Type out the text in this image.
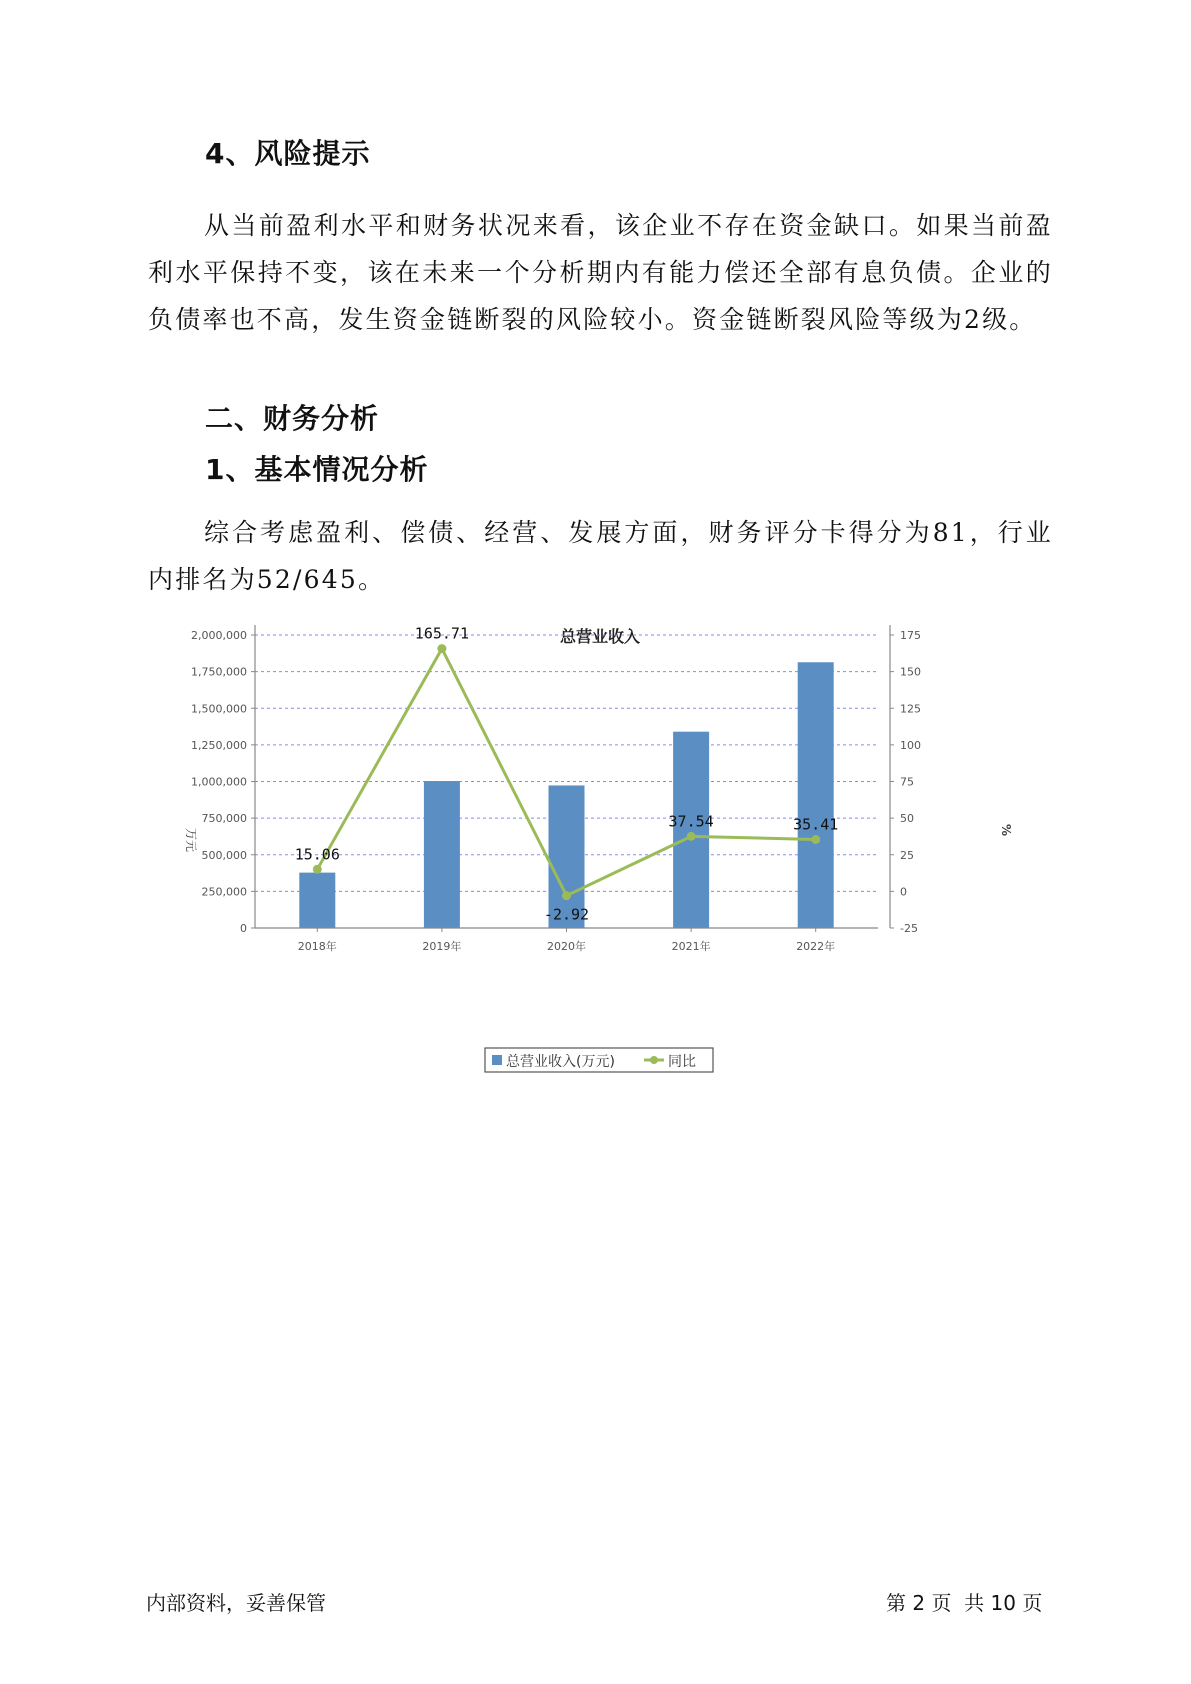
4、风险提示

从当前盈利水平和财务状况来看，该企业不存在资金缺口。如果当前盈利水平保持不变，该在未来一个分析期内有能力偿还全部有息负债。企业的负债率也不高，发生资金链断裂的风险较小。资金链断裂风险等级为2级。

二、财务分析
1、基本情况分析

综合考虑盈利、偿债、经营、发展方面，财务评分卡得分为81，行业内排名为52/645。

总营业收入
15.06
165.71
-2.92
37.54	35.41
2,000,000
1,750,000
1,500,000
1,250,000
1,000,000
750,000
500,000
250,000
0
175
150
125
100
75
50
25
0
-25
2018年	2019年	2020年	2021年	2022年
万元	%
总营业收入(万元)	同比
内部资料，妥善保管	第 2 页  共 10 页
